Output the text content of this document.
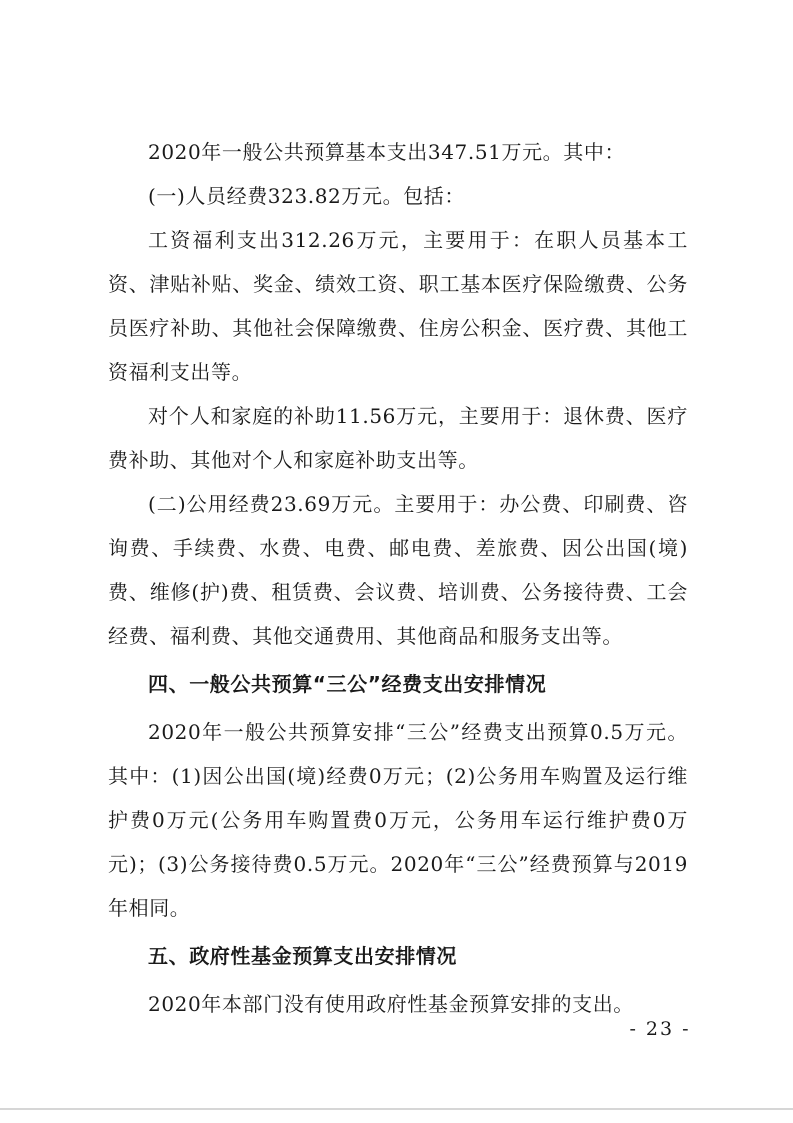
2020年一般公共预算基本支出347.51万元。其中：

(一)人员经费323.82万元。包括：

工资福利支出312.26万元，主要用于：在职人员基本工资、津贴补贴、奖金、绩效工资、职工基本医疗保险缴费、公务员医疗补助、其他社会保障缴费、住房公积金、医疗费、其他工资福利支出等。

对个人和家庭的补助11.56万元，主要用于：退休费、医疗费补助、其他对个人和家庭补助支出等。

(二)公用经费23.69万元。主要用于：办公费、印刷费、咨询费、手续费、水费、电费、邮电费、差旅费、因公出国(境)费、维修(护)费、租赁费、会议费、培训费、公务接待费、工会经费、福利费、其他交通费用、其他商品和服务支出等。

四、一般公共预算“三公”经费支出安排情况

2020年一般公共预算安排“三公”经费支出预算0.5万元。其中：(1)因公出国(境)经费0万元；(2)公务用车购置及运行维护费0万元(公务用车购置费0万元，公务用车运行维护费0万元)；(3)公务接待费0.5万元。2020年“三公”经费预算与2019年相同。

五、政府性基金预算支出安排情况

2020年本部门没有使用政府性基金预算安排的支出。

- 23 -
